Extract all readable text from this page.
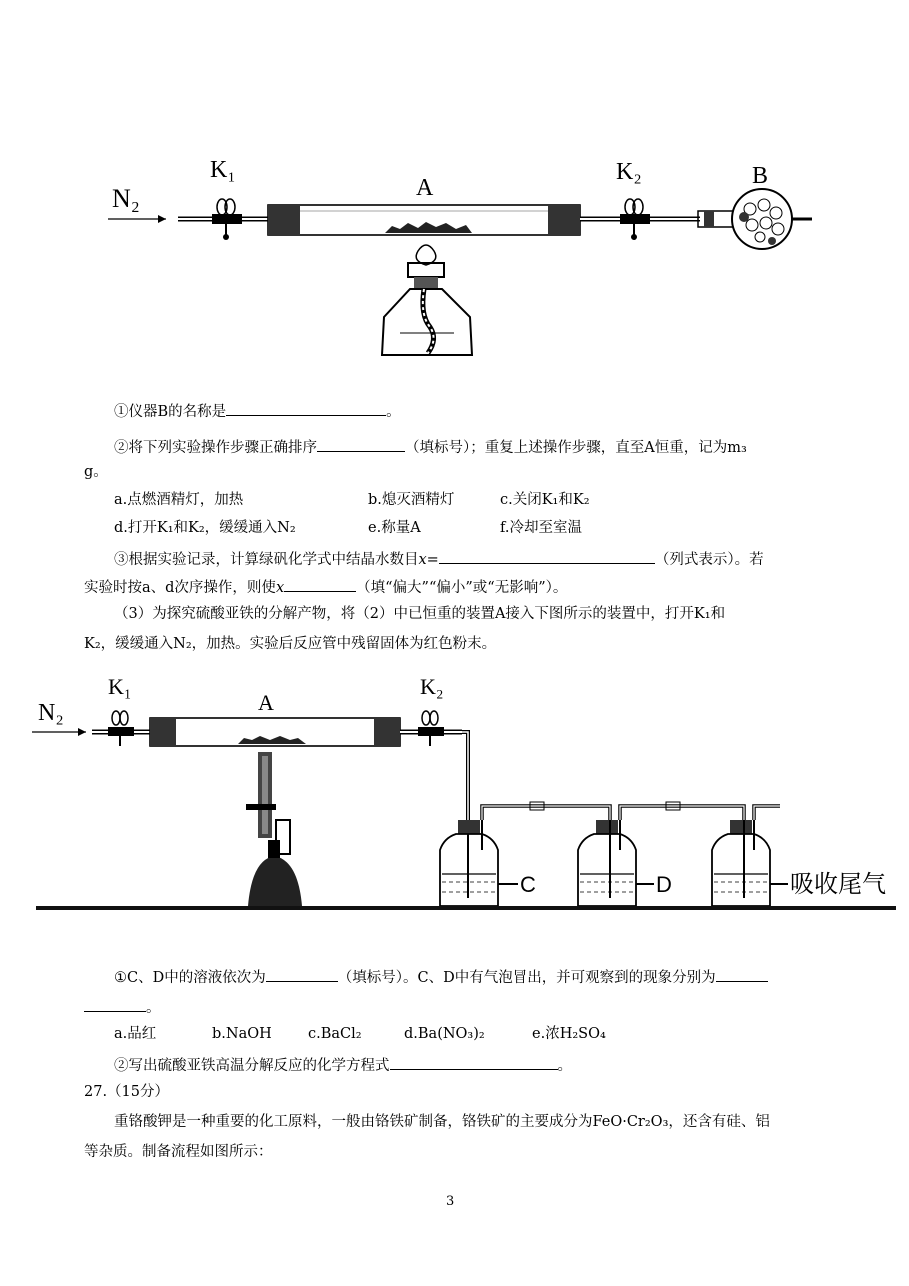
N₂
K₁
A
K₂	B
①仪器B的名称是	。
②将下列实验操作步骤正确排序	（填标号）；重复上述操作步骤，直至A恒重，记为m₃
g。
a.点燃酒精灯，加热	b.熄灭酒精灯	c.关闭K₁和K₂
d.打开K₁和K₂，缓缓通入N₂	e.称量A	f.冷却至室温
③根据实验记录，计算绿矾化学式中结晶水数目x=	（列式表示）。若
实验时按a、d次序操作，则使x	（填“偏大”“偏小”或“无影响”）。
（3）为探究硫酸亚铁的分解产物，将（2）中已恒重的装置A接入下图所示的装置中，打开K₁和
K₂，缓缓通入N₂，加热。实验后反应管中残留固体为红色粉末。
N₂
K₁
A
K₂
C	D	吸收尾气
①C、D中的溶液依次为	（填标号）。C、D中有气泡冒出，并可观察到的现象分别为
。
a.品红	b.NaOH c.BaCl₂	d.Ba(NO₃)₂	e.浓H₂SO₄
②写出硫酸亚铁高温分解反应的化学方程式	。
27.（15分）
重铬酸钾是一种重要的化工原料，一般由铬铁矿制备，铬铁矿的主要成分为FeO·Cr₂O₃，还含有硅、铝
等杂质。制备流程如图所示：
3
